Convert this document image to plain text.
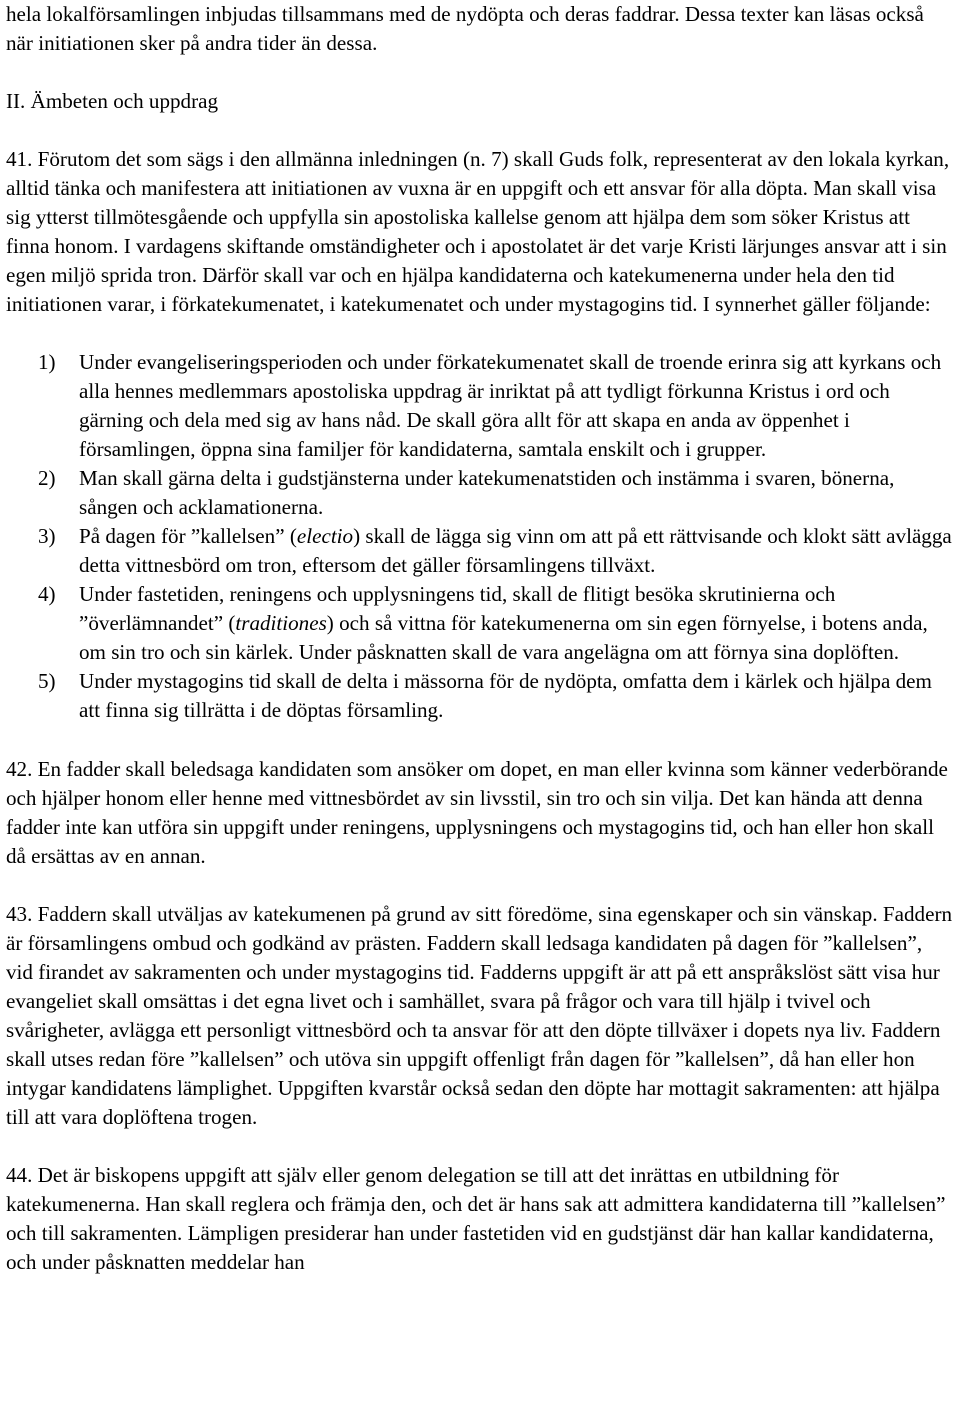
hela lokalförsamlingen inbjudas tillsammans med de nydöpta och deras faddrar. Dessa texter kan läsas också när initiationen sker på andra tider än dessa.

II. Ämbeten och uppdrag

41. Förutom det som sägs i den allmänna inledningen (n. 7) skall Guds folk, representerat av den lokala kyrkan, alltid tänka och manifestera att initiationen av vuxna är en uppgift och ett ansvar för alla döpta. Man skall visa sig ytterst tillmötesgående och uppfylla sin apostoliska kallelse genom att hjälpa dem som söker Kristus att finna honom. I vardagens skiftande omständigheter och i apostolatet är det varje Kristi lärjunges ansvar att i sin egen miljö sprida tron. Därför skall var och en hjälpa kandidaterna och katekumenerna under hela den tid initiationen varar, i förkatekumenatet, i katekumenatet och under mystagogins tid. I synnerhet gäller följande:

1) Under evangeliseringsperioden och under förkatekumenatet skall de troende erinra sig att kyrkans och alla hennes medlemmars apostoliska uppdrag är inriktat på att tydligt förkunna Kristus i ord och gärning och dela med sig av hans nåd. De skall göra allt för att skapa en anda av öppenhet i församlingen, öppna sina familjer för kandidaterna, samtala enskilt och i grupper.
2) Man skall gärna delta i gudstjänsterna under katekumenatstiden och instämma i svaren, bönerna, sången och acklamationerna.
3) På dagen för ”kallelsen” (electio) skall de lägga sig vinn om att på ett rättvisande och klokt sätt avlägga detta vittnesbörd om tron, eftersom det gäller församlingens tillväxt.
4) Under fastetiden, reningens och upplysningens tid, skall de flitigt besöka skrutinierna och ”överlämnandet” (traditiones) och så vittna för katekumenerna om sin egen förnyelse, i botens anda, om sin tro och sin kärlek. Under påsknatten skall de vara angelägna om att förnya sina doplöften.
5) Under mystagogins tid skall de delta i mässorna för de nydöpta, omfatta dem i kärlek och hjälpa dem att finna sig tillrätta i de döptas församling.

42. En fadder skall beledsaga kandidaten som ansöker om dopet, en man eller kvinna som känner vederbörande och hjälper honom eller henne med vittnesbördet av sin livsstil, sin tro och sin vilja. Det kan hända att denna fadder inte kan utföra sin uppgift under reningens, upplysningens och mystagogins tid, och han eller hon skall då ersättas av en annan.

43. Faddern skall utväljas av katekumenen på grund av sitt föredöme, sina egenskaper och sin vänskap. Faddern är församlingens ombud och godkänd av prästen. Faddern skall ledsaga kandidaten på dagen för ”kallelsen”, vid firandet av sakramenten och under mystagogins tid. Fadderns uppgift är att på ett anspråkslöst sätt visa hur evangeliet skall omsättas i det egna livet och i samhället, svara på frågor och vara till hjälp i tvivel och svårigheter, avlägga ett personligt vittnesbörd och ta ansvar för att den döpte tillväxer i dopets nya liv. Faddern skall utses redan före ”kallelsen” och utöva sin uppgift offenligt från dagen för ”kallelsen”, då han eller hon intygar kandidatens lämplighet. Uppgiften kvarstår också sedan den döpte har mottagit sakramenten: att hjälpa till att vara doplöftena trogen.

44. Det är biskopens uppgift att själv eller genom delegation se till att det inrättas en utbildning för katekumenerna. Han skall reglera och främja den, och det är hans sak att admittera kandidaterna till ”kallelsen” och till sakramenten. Lämpligen presiderar han under fastetiden vid en gudstjänst där han kallar kandidaterna, och under påsknatten meddelar han
